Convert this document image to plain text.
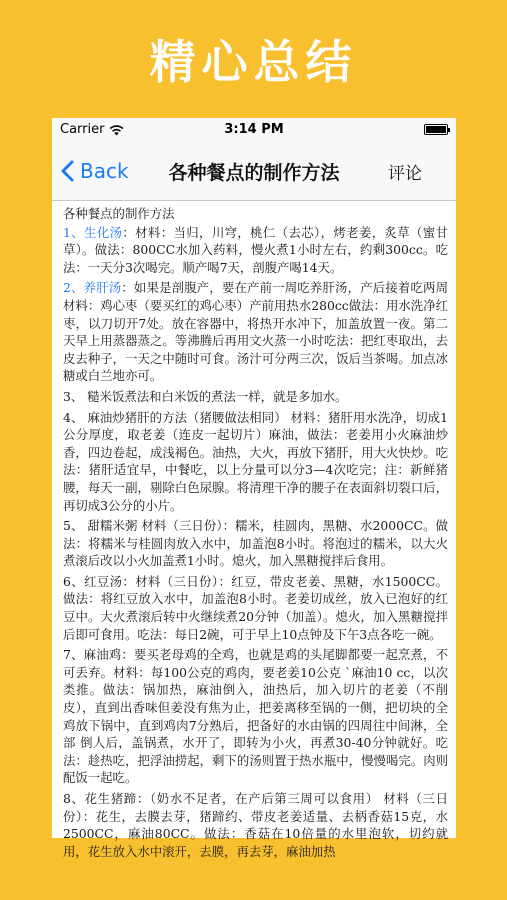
精心总结
Carrier	3:14 PM
Back	各种餐点的制作方法	评论
各种餐点的制作方法
1、生化汤：材料：当归，川穹，桃仁（去芯），烤老姜，炙草（蜜甘草）。做法：800CC水加入药料，慢火煮1小时左右，约剩300cc。吃法：一天分3次喝完。顺产喝7天，剖腹产喝14天。
2、养肝汤：如果是剖腹产，要在产前一周吃养肝汤，产后接着吃两周材料：鸡心枣（要买红的鸡心枣）产前用热水280cc做法：用水洗净红枣，以刀切开7处。放在容器中，将热开水冲下，加盖放置一夜。第二天早上用蒸器蒸之。等沸腾后再用文火蒸一小时吃法：把红枣取出，去皮去种子，一天之中随时可食。汤汁可分两三次，饭后当茶喝。加点冰糖或白兰地亦可。
3、 糙米饭煮法和白米饭的煮法一样，就是多加水。
4、 麻油炒猪肝的方法（猪腰做法相同） 材料：猪肝用水洗净，切成1公分厚度，取老姜（连皮一起切片）麻油，做法：老姜用小火麻油炒香，四边卷起，成浅褐色。油热，大火，再放下猪肝，用大火快炒。吃法：猪肝适宜早，中餐吃，以上分量可以分3—4次吃完；注：新鲜猪腰，每天一副，剔除白色尿腺。将清理干净的腰子在表面斜切裂口后，再切成3公分的小片。
5、 甜糯米粥 材料（三日份）：糯米，桂圆肉，黑糖、水2000CC。做法：将糯米与桂圆肉放入水中，加盖泡8小时。将泡过的糯米，以大火煮滚后改以小火加盖煮1小时。熄火，加入黑糖搅拌后食用。
6、红豆汤：材料（三日份）：红豆，带皮老姜、黑糖，水1500CC。做法：将红豆放入水中，加盖泡8小时。老姜切成丝，放入已泡好的红豆中。大火煮滚后转中火继续煮20分钟（加盖）。熄火，加入黑糖搅拌后即可食用。吃法：每日2碗，可于早上10点钟及下午3点各吃一碗。
7、麻油鸡：要买老母鸡的全鸡，也就是鸡的头尾脚都要一起烹煮，不可丢弃。材料：每100公克的鸡肉，要老姜10公克 ˋ麻油10 cc，以次类推。做法：锅加热，麻油倒入，油热后，加入切片的老姜（不削皮），直到出香味但姜没有焦为止，把姜离移至锅的一侧，把切块的全鸡放下锅中，直到鸡肉7分熟后，把备好的水由锅的四周往中间淋，全部 倒人后，盖锅煮，水开了，即转为小火，再煮30-40分钟就好。吃法：趁热吃，把浮油捞起，剩下的汤则置于热水瓶中，慢慢喝完。肉则配饭一起吃。
8、花生猪蹄：（奶水不足者，在产后第三周可以食用） 材料（三日份）：花生，去膜去芽，猪蹄约、带皮老姜适量、去柄香菇15克，水2500CC，麻油80CC。做法：香菇在10倍量的水里泡软，切约就用，花生放入水中滚开，去膜，再去芽，麻油加热
